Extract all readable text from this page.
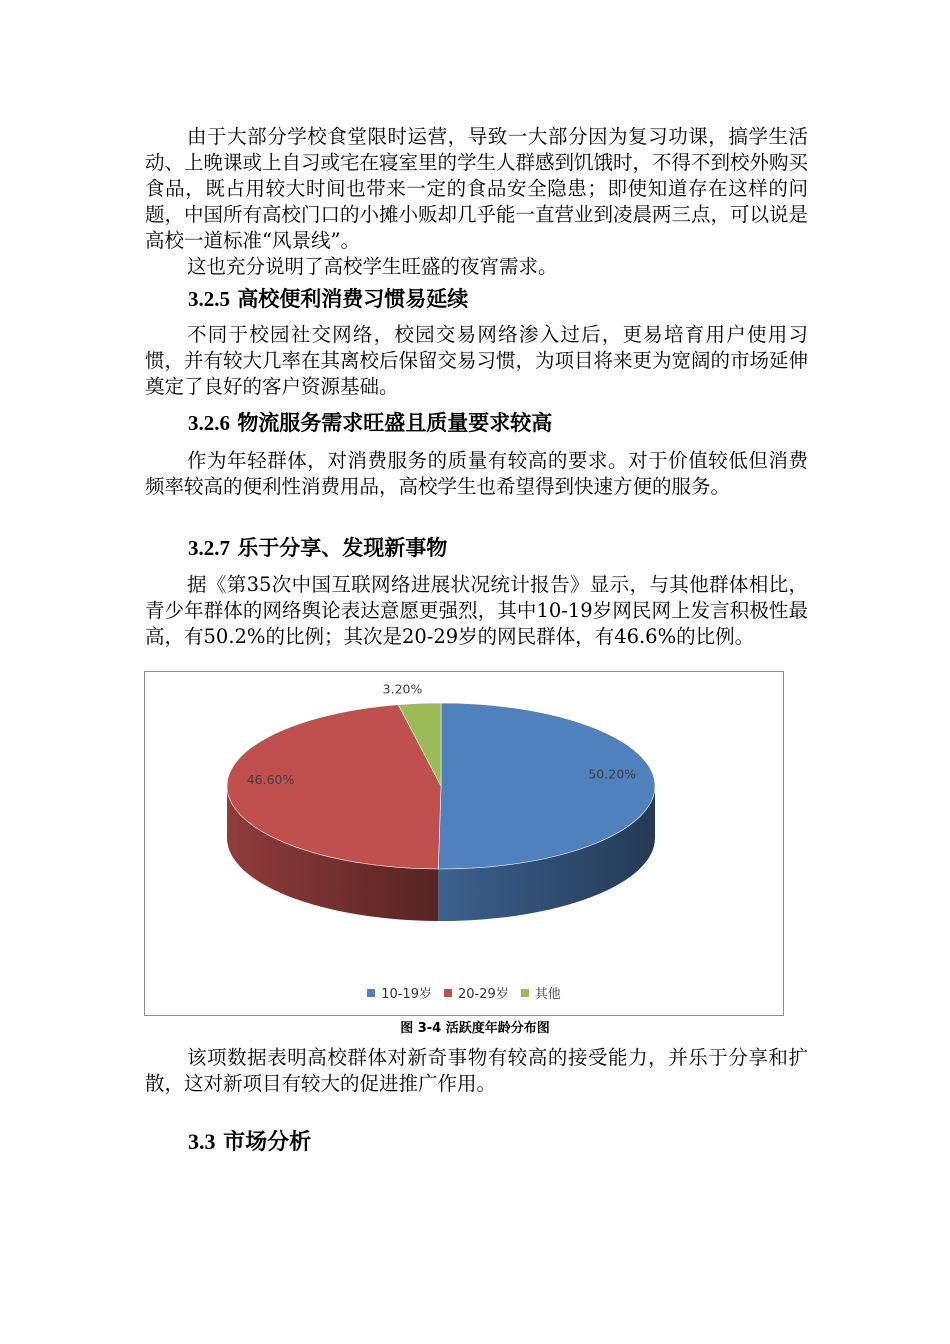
由于大部分学校食堂限时运营，导致一大部分因为复习功课，搞学生活动、上晚课或上自习或宅在寝室里的学生人群感到饥饿时，不得不到校外购买食品，既占用较大时间也带来一定的食品安全隐患；即使知道存在这样的问题，中国所有高校门口的小摊小贩却几乎能一直营业到凌晨两三点，可以说是高校一道标准“风景线”。

这也充分说明了高校学生旺盛的夜宵需求。

3.2.5 高校便利消费习惯易延续

不同于校园社交网络，校园交易网络渗入过后，更易培育用户使用习惯，并有较大几率在其离校后保留交易习惯，为项目将来更为宽阔的市场延伸奠定了良好的客户资源基础。

3.2.6 物流服务需求旺盛且质量要求较高

作为年轻群体，对消费服务的质量有较高的要求。对于价值较低但消费频率较高的便利性消费用品，高校学生也希望得到快速方便的服务。

3.2.7 乐于分享、发现新事物

据《第35次中国互联网络进展状况统计报告》显示，与其他群体相比，青少年群体的网络舆论表达意愿更强烈，其中10-19岁网民网上发言积极性最高，有50.2%的比例；其次是20-29岁的网民群体，有46.6%的比例。

50.20%
46.60%
3.20%
10-19岁 20-29岁 其他
图 3-4 活跃度年龄分布图

该项数据表明高校群体对新奇事物有较高的接受能力，并乐于分享和扩散，这对新项目有较大的促进推广作用。

3.3 市场分析
